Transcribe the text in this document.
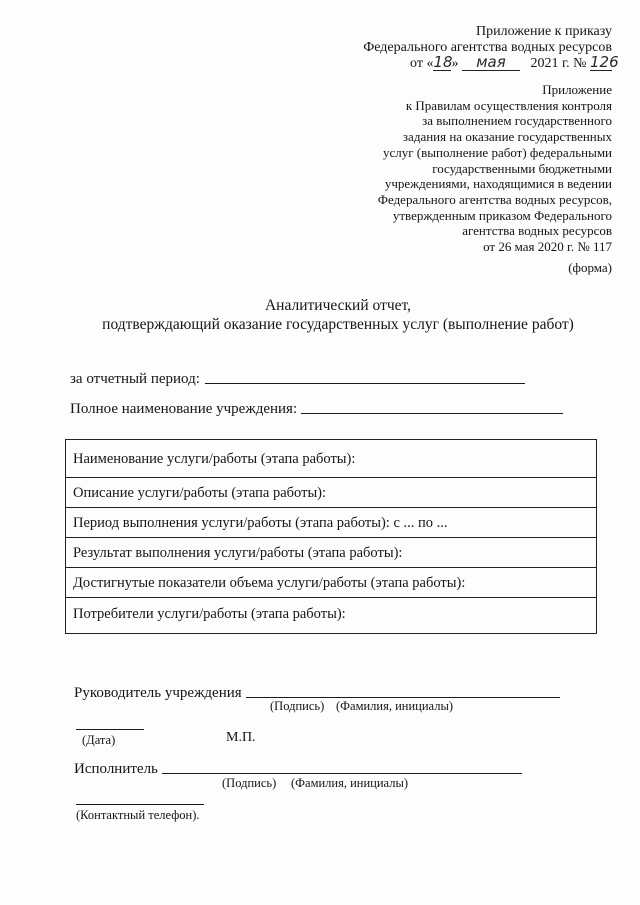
Приложение к приказу
Федерального агентства водных ресурсов
от «18» мая 2021 г. № 126
Приложение
к Правилам осуществления контроля
за выполнением государственного
задания на оказание государственных
услуг (выполнение работ) федеральными
государственными бюджетными
учреждениями, находящимися в ведении
Федерального агентства водных ресурсов,
утвержденным приказом Федерального
агентства водных ресурсов
от 26 мая 2020 г. № 117
(форма)
Аналитический отчет,
подтверждающий оказание государственных услуг (выполнение работ)
за отчетный период:
Полное наименование учреждения:
Наименование услуги/работы (этапа работы):
Описание услуги/работы (этапа работы):
Период выполнения услуги/работы (этапа работы): с ... по ...
Результат выполнения услуги/работы (этапа работы):
Достигнутые показатели объема услуги/работы (этапа работы):
Потребители услуги/работы (этапа работы):
Руководитель учреждения
(Подпись) (Фамилия, инициалы)
(Дата)	М.П.
Исполнитель
(Подпись) (Фамилия, инициалы)
(Контактный телефон).
